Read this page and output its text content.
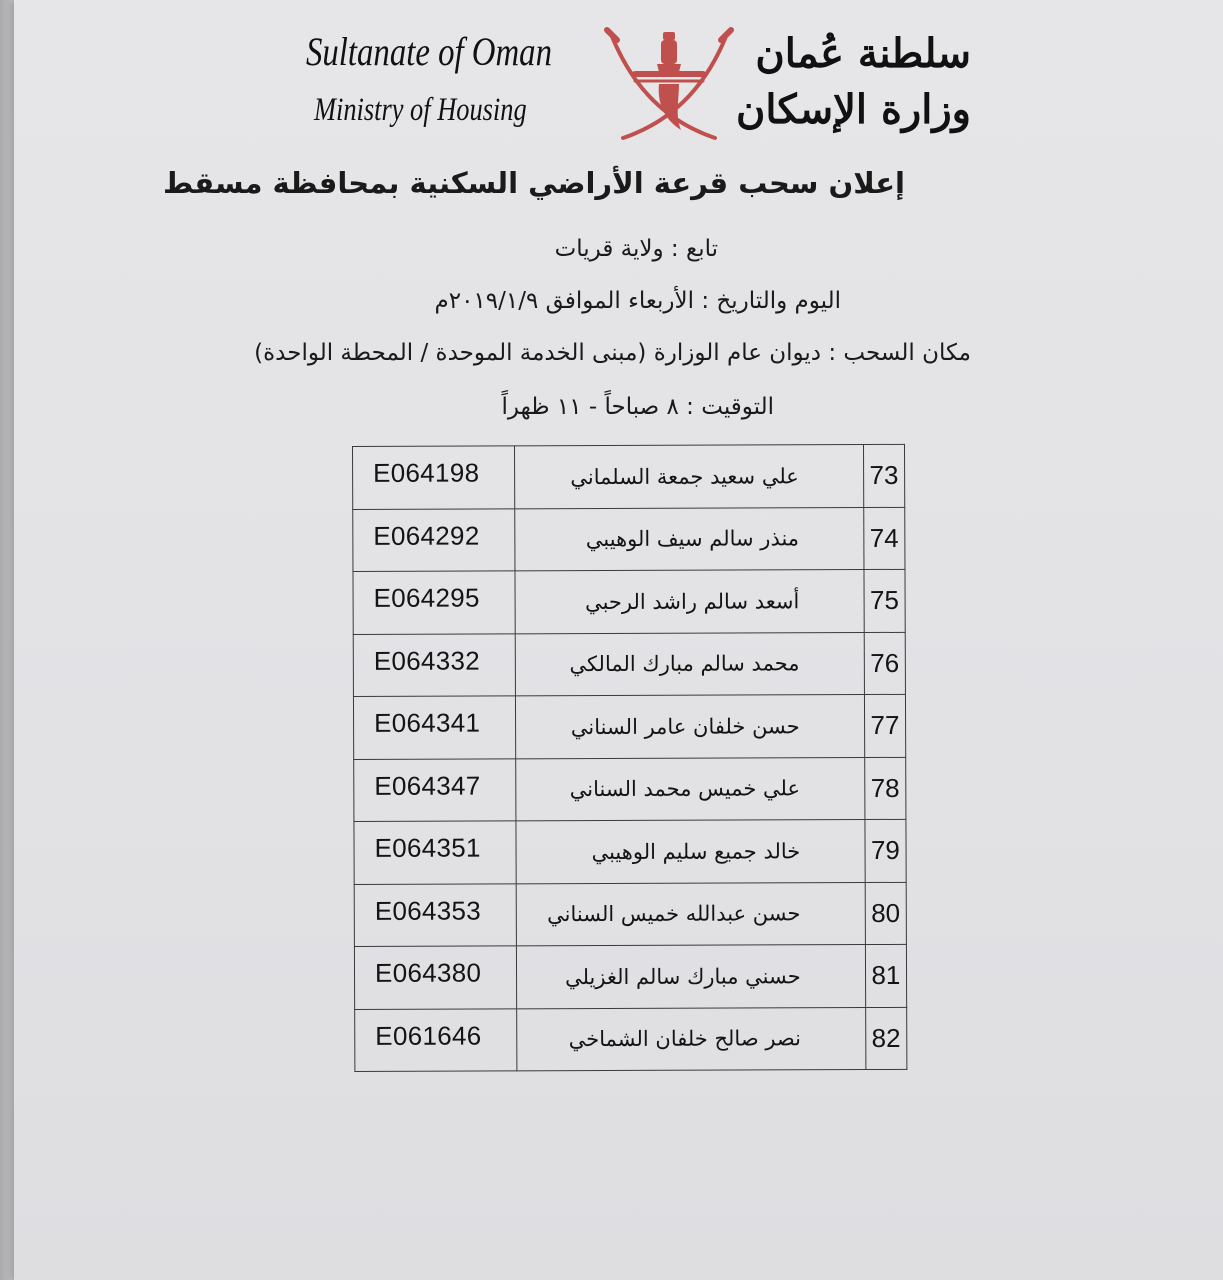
Sultanate of Oman
Ministry of Housing
سلطنة عُمان
وزارة الإسكان
إعلان سحب قرعة الأراضي السكنية بمحافظة مسقط
تابع : ولاية قريات
اليوم والتاريخ : الأربعاء الموافق ٢٠١٩/١/٩م
مكان السحب : ديوان عام الوزارة (مبنى الخدمة الموحدة / المحطة الواحدة)
التوقيت : ٨ صباحاً - ١١ ظهراً
E064198	علي سعيد جمعة السلماني	73
E064292	منذر سالم سيف الوهيبي	74
E064295	أسعد سالم راشد الرحبي	75
E064332	محمد سالم مبارك المالكي	76
E064341	حسن خلفان عامر السناني	77
E064347	علي خميس محمد السناني	78
E064351	خالد جميع سليم الوهيبي	79
E064353	حسن عبدالله خميس السناني	80
E064380	حسني مبارك سالم الغزيلي	81
E061646	نصر صالح خلفان الشماخي	82
